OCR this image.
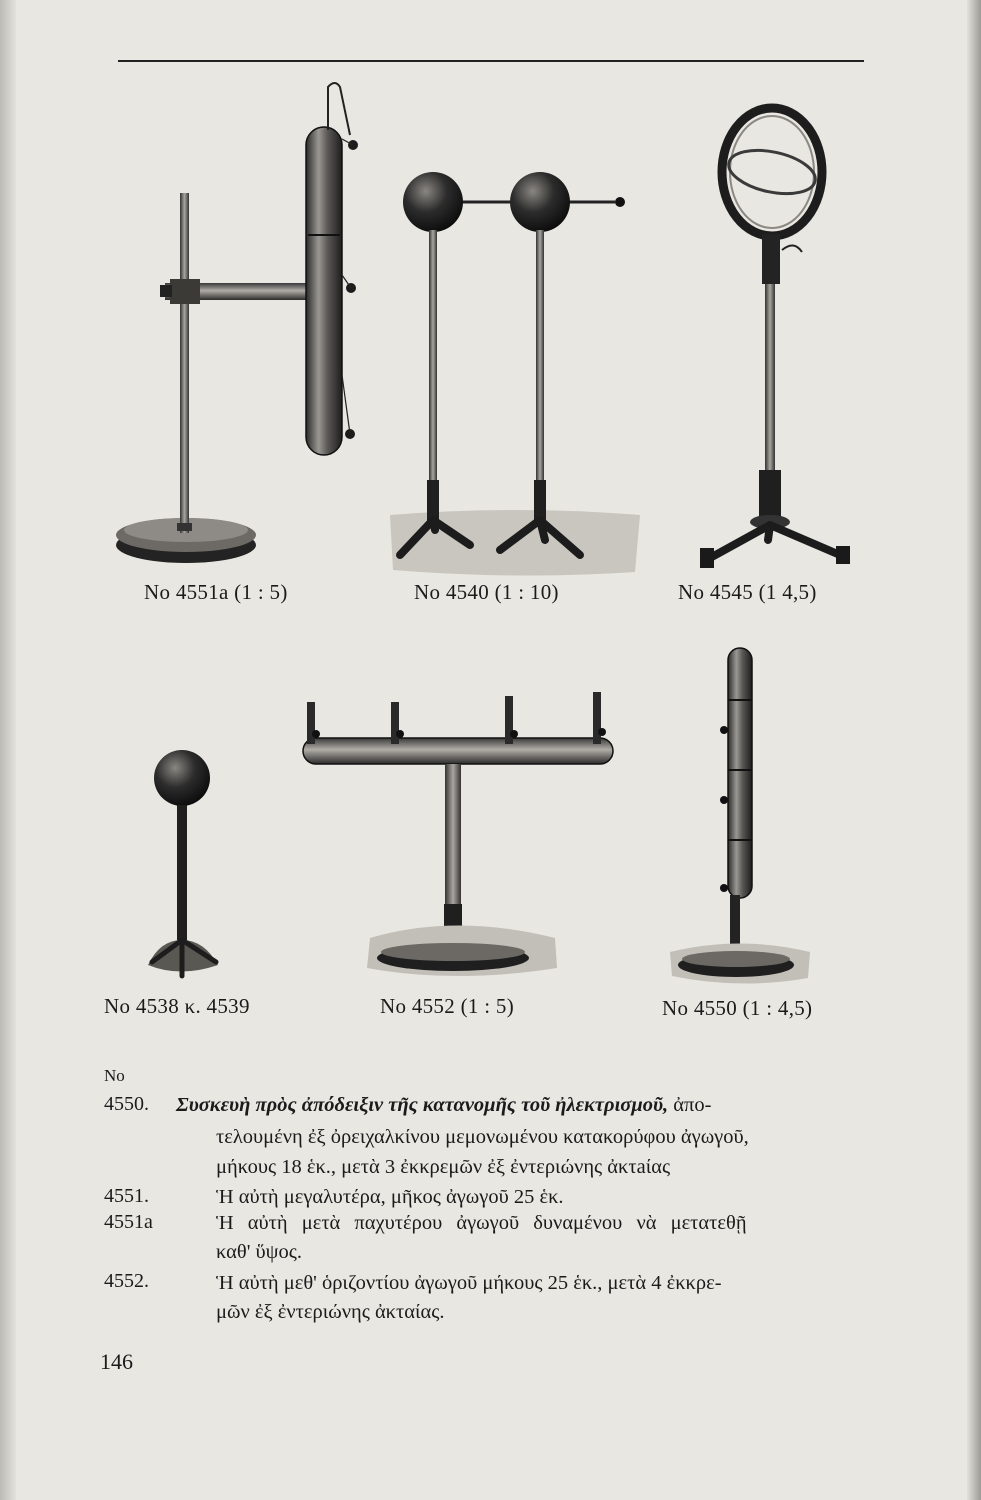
No 4551a (1 : 5)	No 4540 (1 : 10)	No 4545 (1 4,5)
No 4538 κ. 4539	No 4552 (1 : 5)	No 4550 (1 : 4,5)
No
4550. Συσκευὴ πρὸς ἀπόδειξιν τῆς κατανομῆς τοῦ ἠλεκτρισμοῦ, ἀπο-
τελουμένη ἐξ ὀρειχαλκίνου μεμονωμένου κατακορύφου ἀγωγοῦ,
μήκους 18 ἑκ., μετὰ 3 ἐκκρεμῶν ἐξ ἐντεριώνης ἀκτaίας
4551.	Ἡ αὐτὴ μεγαλυτέρα, μῆκος ἀγωγοῦ 25 ἑκ.
4551a	Ἡ αὐτὴ μετὰ παχυτέρου ἀγωγοῦ δυναμένου νὰ μετατεθῇ
καθ' ὕψος.
4552.	Ἡ αὐτὴ μεθ' ὁριζοντίου ἀγωγοῦ μήκους 25 ἑκ., μετὰ 4 ἐκκρε-
μῶν ἐξ ἐντεριώνης ἀκταίας.
146
